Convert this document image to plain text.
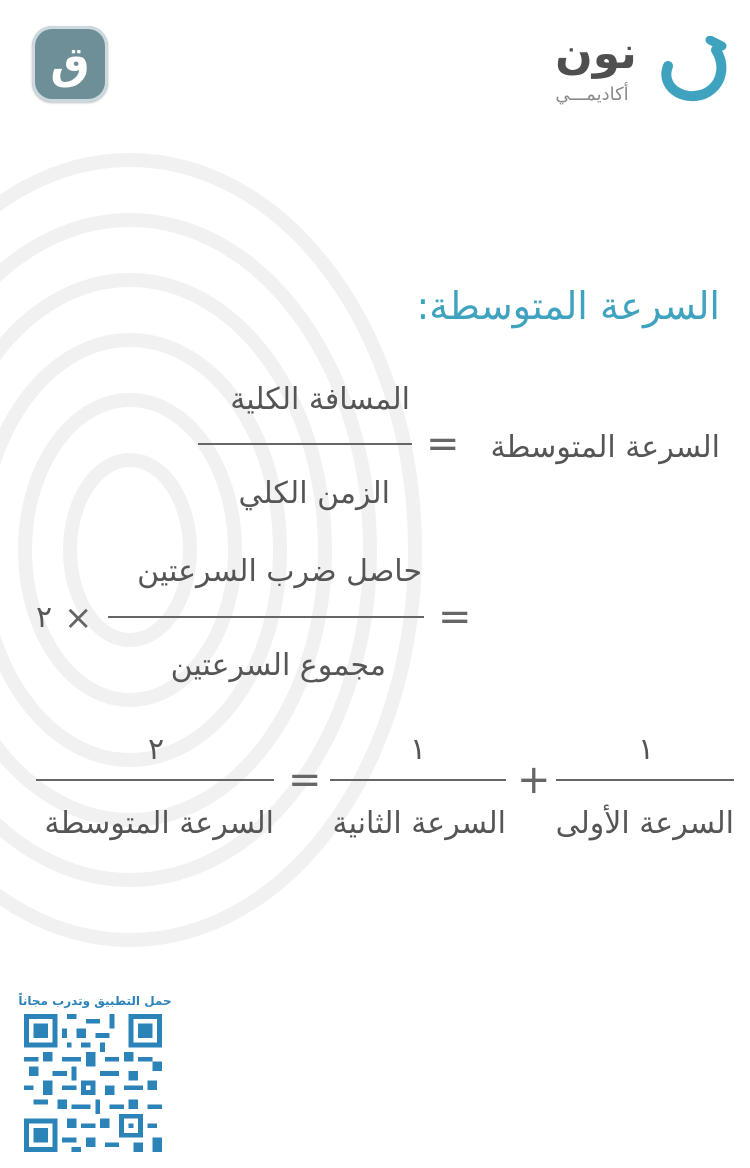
نون
أكاديمـــي
ق
السرعة المتوسطة:
السرعة المتوسطة
=
المسافة الكلية
الزمن الكلي
=
حاصل ضرب السرعتين
مجموع السرعتين
×
٢
١
السرعة الأولى
+
١
السرعة الثانية
=
٢
السرعة المتوسطة
حمل التطبيق وتدرب مجاناً
